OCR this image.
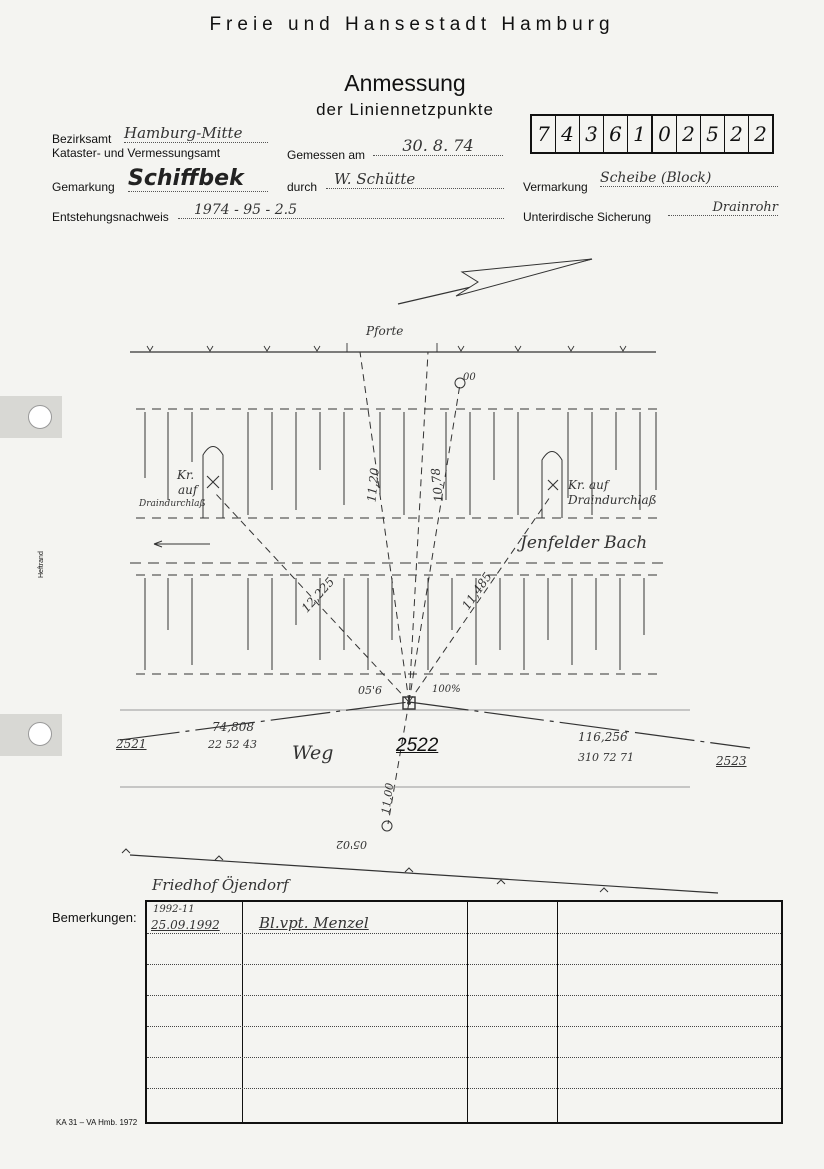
Freie und Hansestadt Hamburg
Anmessung
der Liniennetzpunkte
Bezirksamt Hamburg-Mitte
Kataster- und Vermessungsamt	Gemessen am	30. 8. 74
Gemarkung Schiffbek	durch	W. Schütte	Vermarkung
Scheibe (Block)
Entstehungsnachweis	1974 - 95 - 2.5	Unterirdische Sicherung
Drainrohr
7 4 3 6 1 0 2 5 2 2
Heftrand
Pforte
00
Kr.
auf
Draindurchlaß
Kr. auf
Draindurchlaß
Jenfelder Bach
11,20	10,78
12,225	11,485
05'6	100%
74,808
22 52 43
2521	Weg	2522	116,256
310 72 71	2523
11,00
05'02
Friedhof Öjendorf
Bemerkungen:
1992-11
25.09.1992	Bl.vpt. Menzel
KA 31 – VA Hmb. 1972
